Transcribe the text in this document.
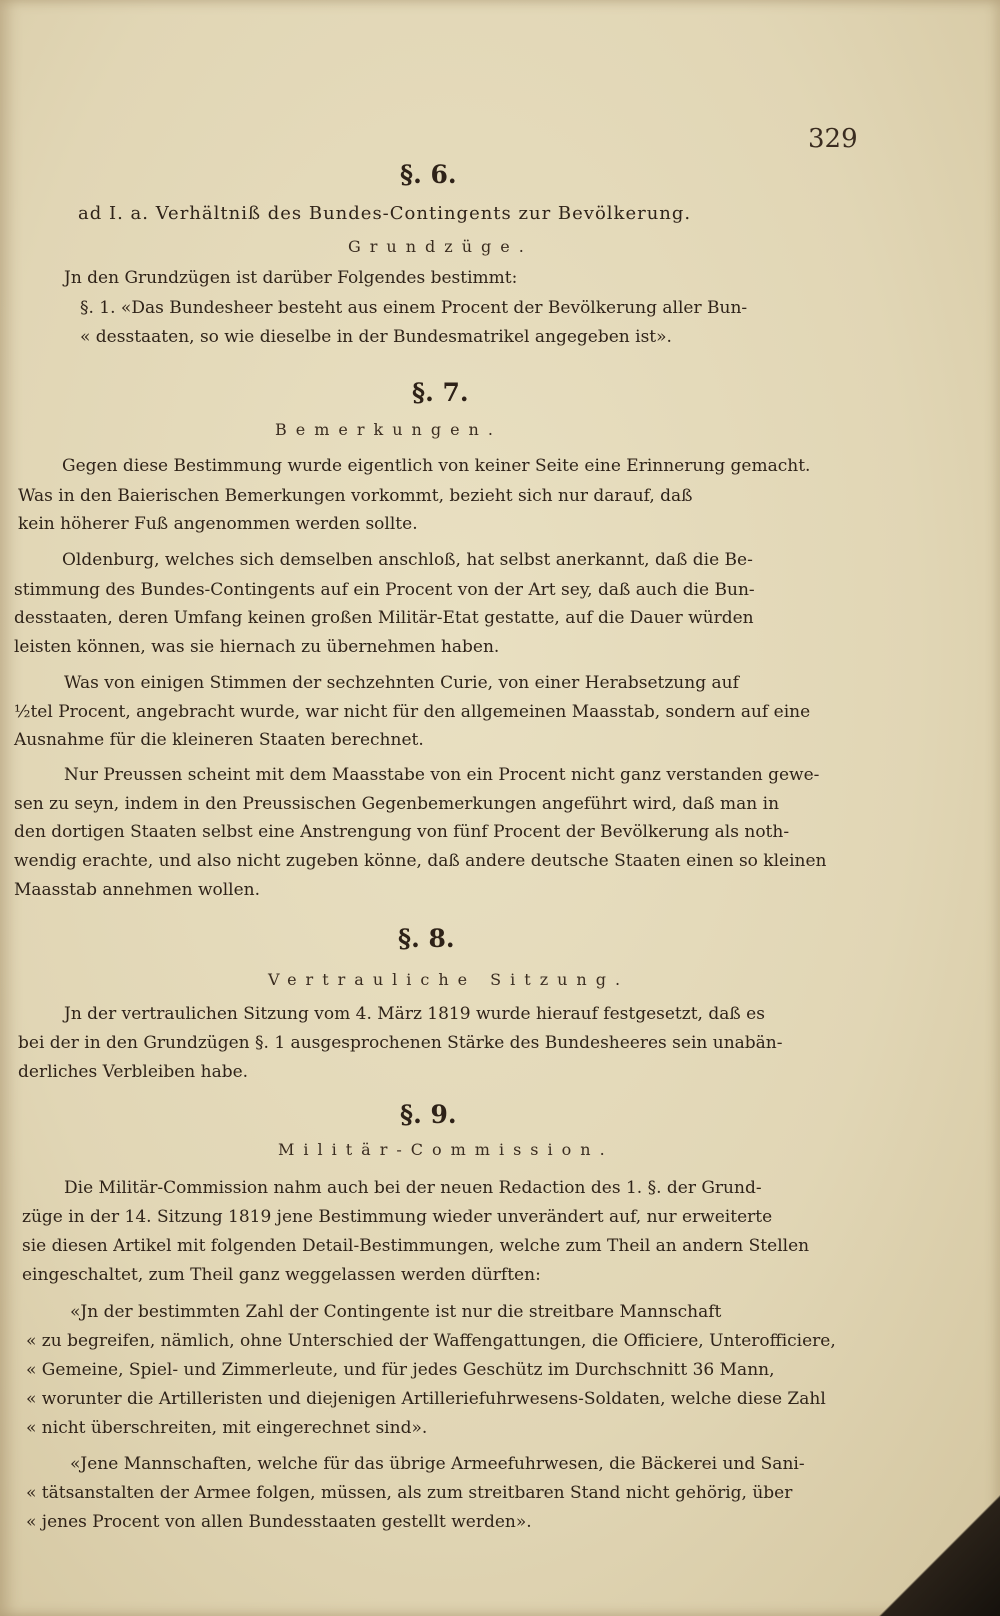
329
§. 6.
ad I. a. Verhältniß des Bundes-Contingents zur Bevölkerung.
Grundzüge.
§. 7.
Bemerkungen.
§. 8.
Vertrauliche Sitzung.
§. 9.
Militär-Commission.
Jn den Grundzügen ist darüber Folgendes bestimmt:
§. 1. «Das Bundesheer besteht aus einem Procent der Bevölkerung aller Bun-
« desstaaten, so wie dieselbe in der Bundesmatrikel angegeben ist».
Gegen diese Bestimmung wurde eigentlich von keiner Seite eine Erinnerung gemacht.
Was in den Baierischen Bemerkungen vorkommt, bezieht sich nur darauf, daß
kein höherer Fuß angenommen werden sollte.
Oldenburg, welches sich demselben anschloß, hat selbst anerkannt, daß die Be-
stimmung des Bundes-Contingents auf ein Procent von der Art sey, daß auch die Bun-
desstaaten, deren Umfang keinen großen Militär-Etat gestatte, auf die Dauer würden
leisten können, was sie hiernach zu übernehmen haben.
Was von einigen Stimmen der sechzehnten Curie, von einer Herabsetzung auf
½tel Procent, angebracht wurde, war nicht für den allgemeinen Maasstab, sondern auf eine
Ausnahme für die kleineren Staaten berechnet.
Nur Preussen scheint mit dem Maasstabe von ein Procent nicht ganz verstanden gewe-
sen zu seyn, indem in den Preussischen Gegenbemerkungen angeführt wird, daß man in
den dortigen Staaten selbst eine Anstrengung von fünf Procent der Bevölkerung als noth-
wendig erachte, und also nicht zugeben könne, daß andere deutsche Staaten einen so kleinen
Maasstab annehmen wollen.
Jn der vertraulichen Sitzung vom 4. März 1819 wurde hierauf festgesetzt, daß es
bei der in den Grundzügen §. 1 ausgesprochenen Stärke des Bundesheeres sein unabän-
derliches Verbleiben habe.
Die Militär-Commission nahm auch bei der neuen Redaction des 1. §. der Grund-
züge in der 14. Sitzung 1819 jene Bestimmung wieder unverändert auf, nur erweiterte
sie diesen Artikel mit folgenden Detail-Bestimmungen, welche zum Theil an andern Stellen
eingeschaltet, zum Theil ganz weggelassen werden dürften:
«Jn der bestimmten Zahl der Contingente ist nur die streitbare Mannschaft
« zu begreifen, nämlich, ohne Unterschied der Waffengattungen, die Officiere, Unterofficiere,
« Gemeine, Spiel- und Zimmerleute, und für jedes Geschütz im Durchschnitt 36 Mann,
« worunter die Artilleristen und diejenigen Artilleriefuhrwesens-Soldaten, welche diese Zahl
« nicht überschreiten, mit eingerechnet sind».
«Jene Mannschaften, welche für das übrige Armeefuhrwesen, die Bäckerei und Sani-
« tätsanstalten der Armee folgen, müssen, als zum streitbaren Stand nicht gehörig, über
« jenes Procent von allen Bundesstaaten gestellt werden».
